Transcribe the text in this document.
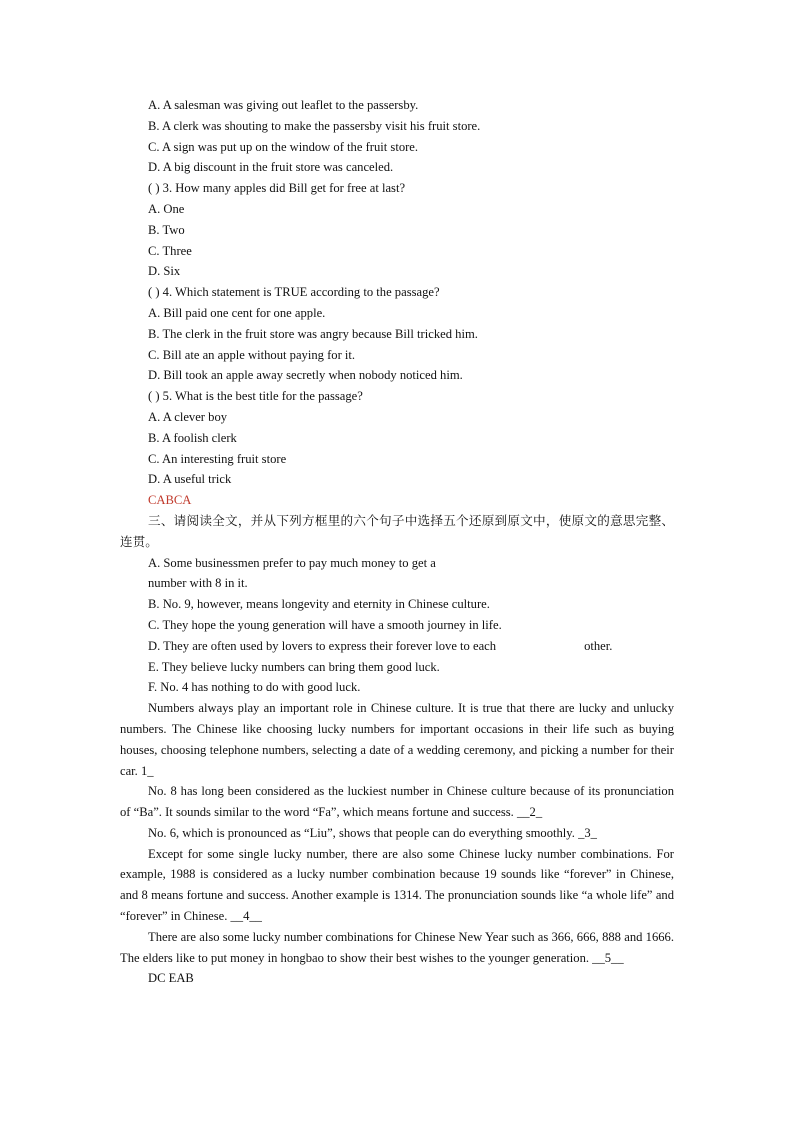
A. A salesman was giving out leaflet to the passersby.
B. A clerk was shouting to make the passersby visit his fruit store.
C. A sign was put up on the window of the fruit store.
D. A big discount in the fruit store was canceled.
( ) 3. How many apples did Bill get for free at last?
A. One
B. Two
C. Three
D. Six
( ) 4. Which statement is TRUE according to the passage?
A. Bill paid one cent for one apple.
B. The clerk in the fruit store was angry because Bill tricked him.
C. Bill ate an apple without paying for it.
D. Bill took an apple away secretly when nobody noticed him.
( ) 5. What is the best title for the passage?
A. A clever boy
B. A foolish clerk
C. An interesting fruit store
D. A useful trick
CABCA
三、请阅读全文，并从下列方框里的六个句子中选择五个还原到原文中，使原文的意思完整、连贯。
A. Some businessmen prefer to pay much money to get a
number with 8 in it.
B. No. 9, however, means longevity and eternity in Chinese culture.
C. They hope the young generation will have a smooth journey in life.
D. They are often used by lovers to express their forever love to each	other.
E. They believe lucky numbers can bring them good luck.
F. No. 4 has nothing to do with good luck.
Numbers always play an important role in Chinese culture. It is true that there are lucky and unlucky numbers. The Chinese like choosing lucky numbers for important occasions in their life such as buying houses, choosing telephone numbers, selecting a date of a wedding ceremony, and picking a number for their car. 1_
No. 8 has long been considered as the luckiest number in Chinese culture because of its pronunciation of “Ba”. It sounds similar to the word “Fa”, which means fortune and success. __2_
No. 6, which is pronounced as “Liu”, shows that people can do everything smoothly. _3_
Except for some single lucky number, there are also some Chinese lucky number combinations. For example, 1988 is considered as a lucky number combination because 19 sounds like “forever” in Chinese, and 8 means fortune and success. Another example is 1314. The pronunciation sounds like “a whole life” and “forever” in Chinese. __4__
There are also some lucky number combinations for Chinese New Year such as 366, 666, 888 and 1666. The elders like to put money in hongbao to show their best wishes to the younger generation. __5__
DC EAB
